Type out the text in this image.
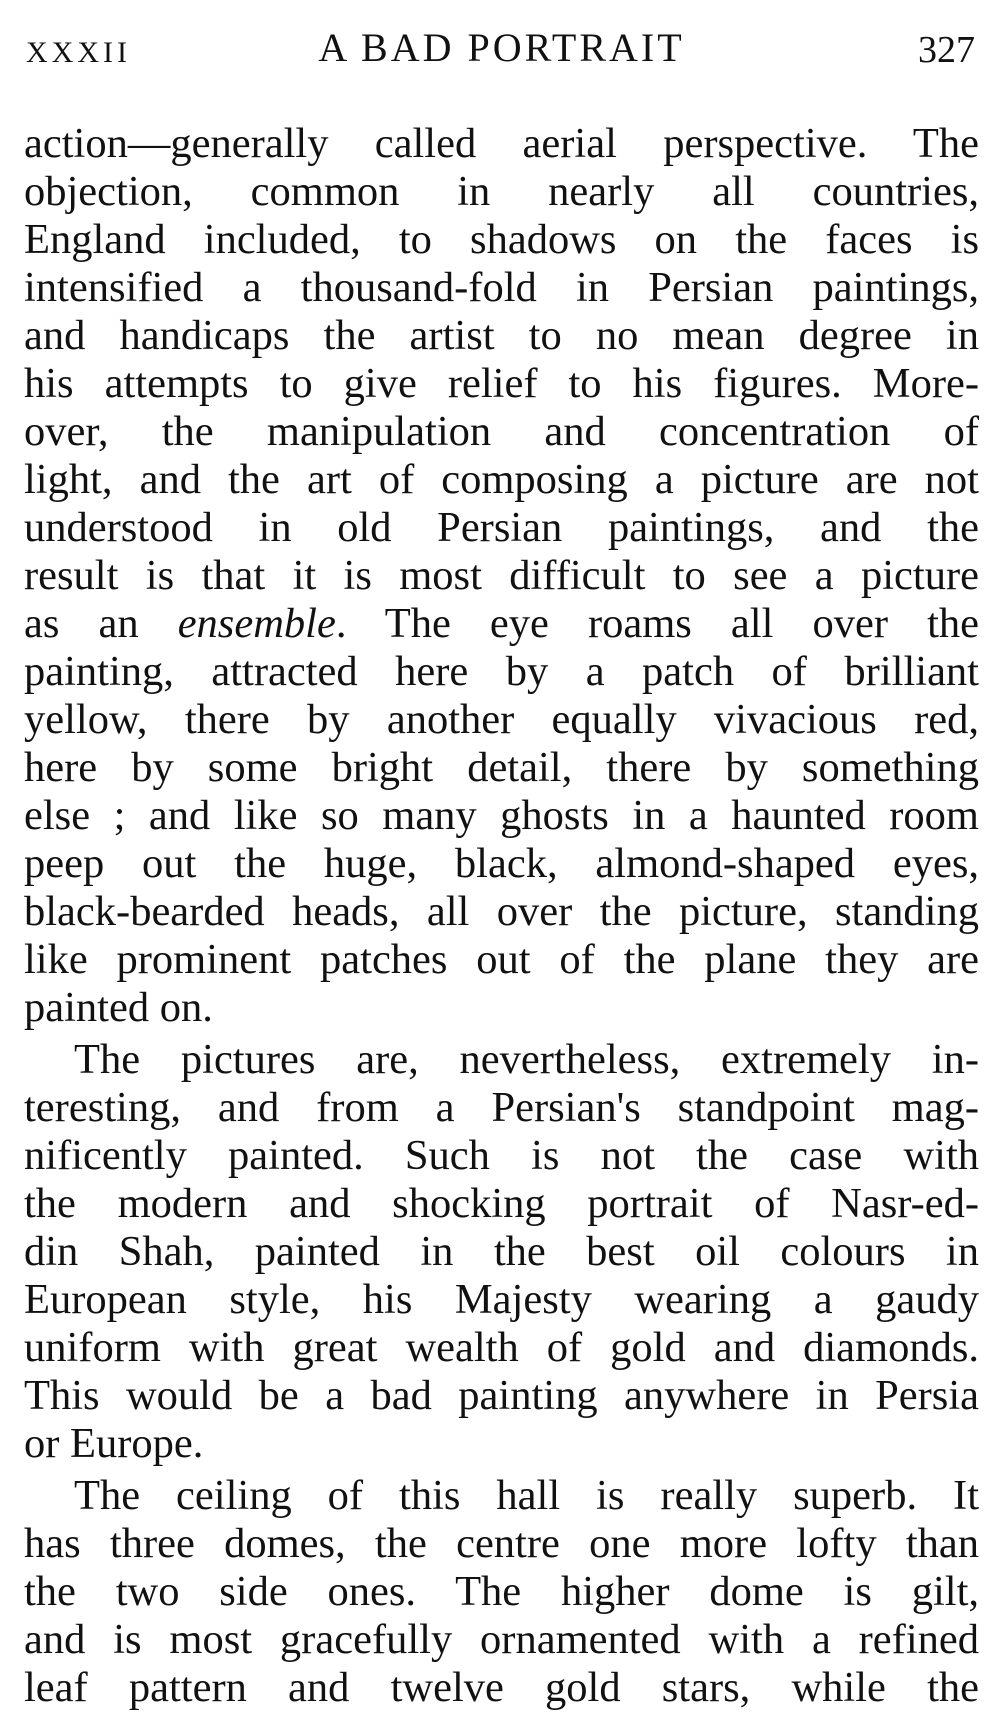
XXXII	A BAD PORTRAIT	327
action—generally called aerial perspective. The
objection, common in nearly all countries,
England included, to shadows on the faces is
intensified a thousand-fold in Persian paintings,
and handicaps the artist to no mean degree in
his attempts to give relief to his figures. More-
over, the manipulation and concentration of
light, and the art of composing a picture are not
understood in old Persian paintings, and the
result is that it is most difficult to see a picture
as an ensemble. The eye roams all over the
painting, attracted here by a patch of brilliant
yellow, there by another equally vivacious red,
here by some bright detail, there by something
else ; and like so many ghosts in a haunted room
peep out the huge, black, almond-shaped eyes,
black-bearded heads, all over the picture, standing
like prominent patches out of the plane they are
painted on.
The pictures are, nevertheless, extremely in-
teresting, and from a Persian's standpoint mag-
nificently painted. Such is not the case with
the modern and shocking portrait of Nasr-ed-
din Shah, painted in the best oil colours in
European style, his Majesty wearing a gaudy
uniform with great wealth of gold and diamonds.
This would be a bad painting anywhere in Persia
or Europe.
The ceiling of this hall is really superb. It
has three domes, the centre one more lofty than
the two side ones. The higher dome is gilt,
and is most gracefully ornamented with a refined
leaf pattern and twelve gold stars, while the
